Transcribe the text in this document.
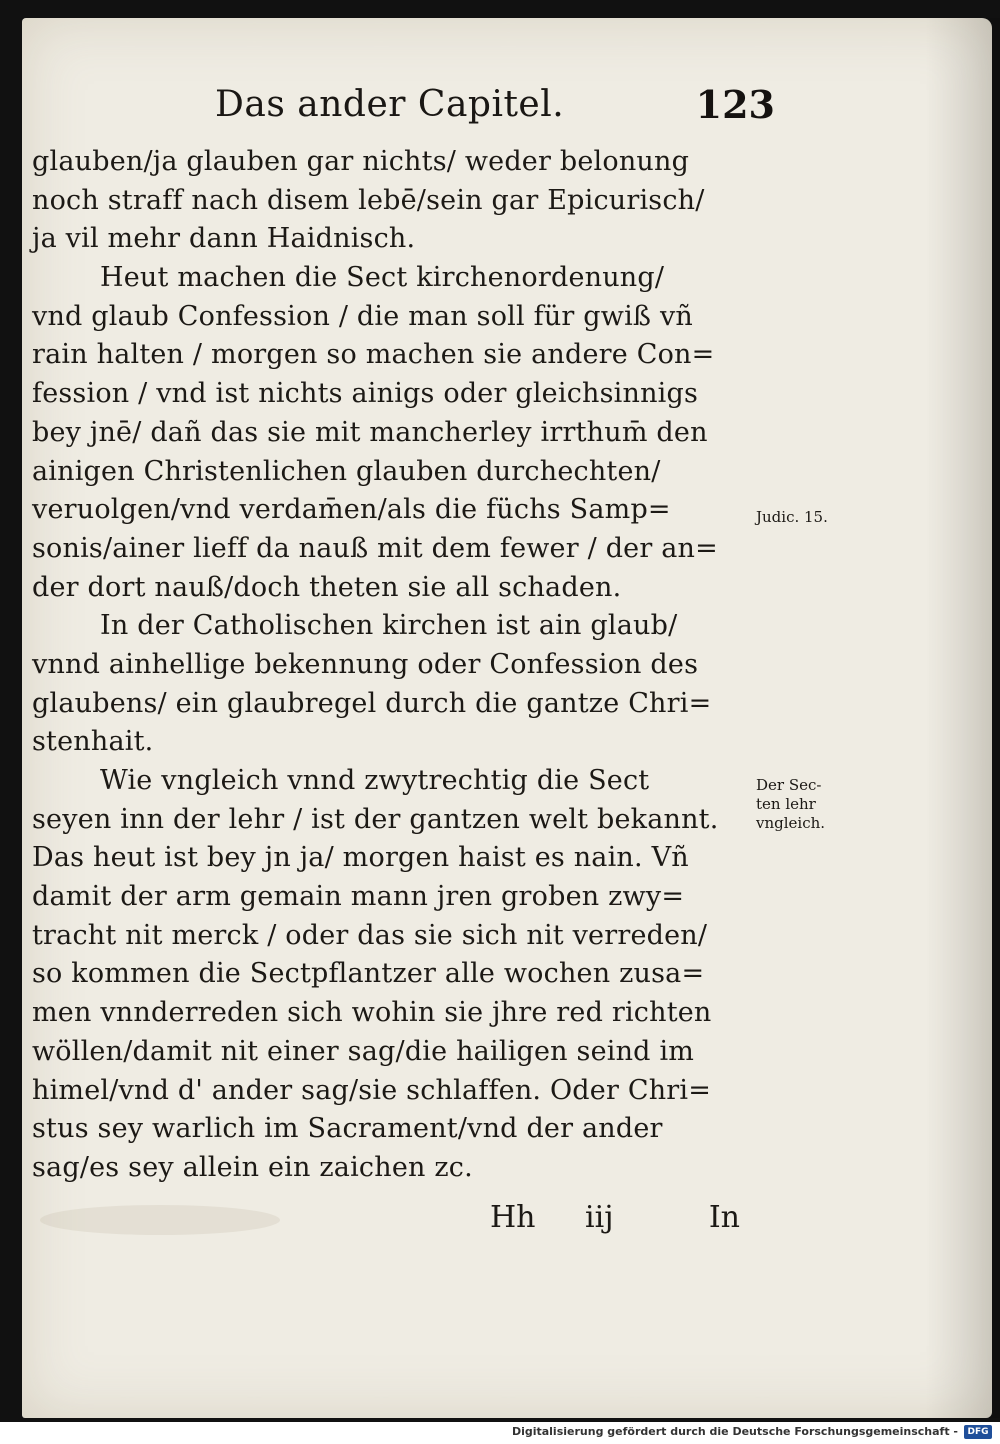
Das ander Capitel.	123
glauben/ja glauben gar nichts/ weder belonung
noch straff nach disem lebē/sein gar Epicurisch/
ja vil mehr dann Haidnisch.
Heut machen die Sect kirchenordenung/
vnd glaub Confession / die man soll für gwiß vñ
rain halten / morgen so machen sie andere Con=
fession / vnd ist nichts ainigs oder gleichsinnigs
bey jnē/ dañ das sie mit mancherley irrthum̄ den
ainigen Christenlichen glauben durchechten/
veruolgen/vnd verdam̄en/als die füchs Samp=
sonis/ainer lieff da nauß mit dem fewer / der an=
der dort nauß/doch theten sie all schaden.
In der Catholischen kirchen ist ain glaub/
vnnd ainhellige bekennung oder Confession des
glaubens/ ein glaubregel durch die gantze Chri=
stenhait.
Wie vngleich vnnd zwytrechtig die Sect
seyen inn der lehr / ist der gantzen welt bekannt.
Das heut ist bey jn ja/ morgen haist es nain. Vñ
damit der arm gemain mann jren groben zwy=
tracht nit merck / oder das sie sich nit verreden/
so kommen die Sectpflantzer alle wochen zusa=
men vnnderreden sich wohin sie jhre red richten
wöllen/damit nit einer sag/die hailigen seind im
himel/vnd d' ander sag/sie schlaffen. Oder Chri=
stus sey warlich im Sacrament/vnd der ander
sag/es sey allein ein zaichen zc.
Judic. 15.
Der Sec-
ten lehr
vngleich.
Hh iij	In
Digitalisierung gefördert durch die Deutsche Forschungsgemeinschaft -	DFG
